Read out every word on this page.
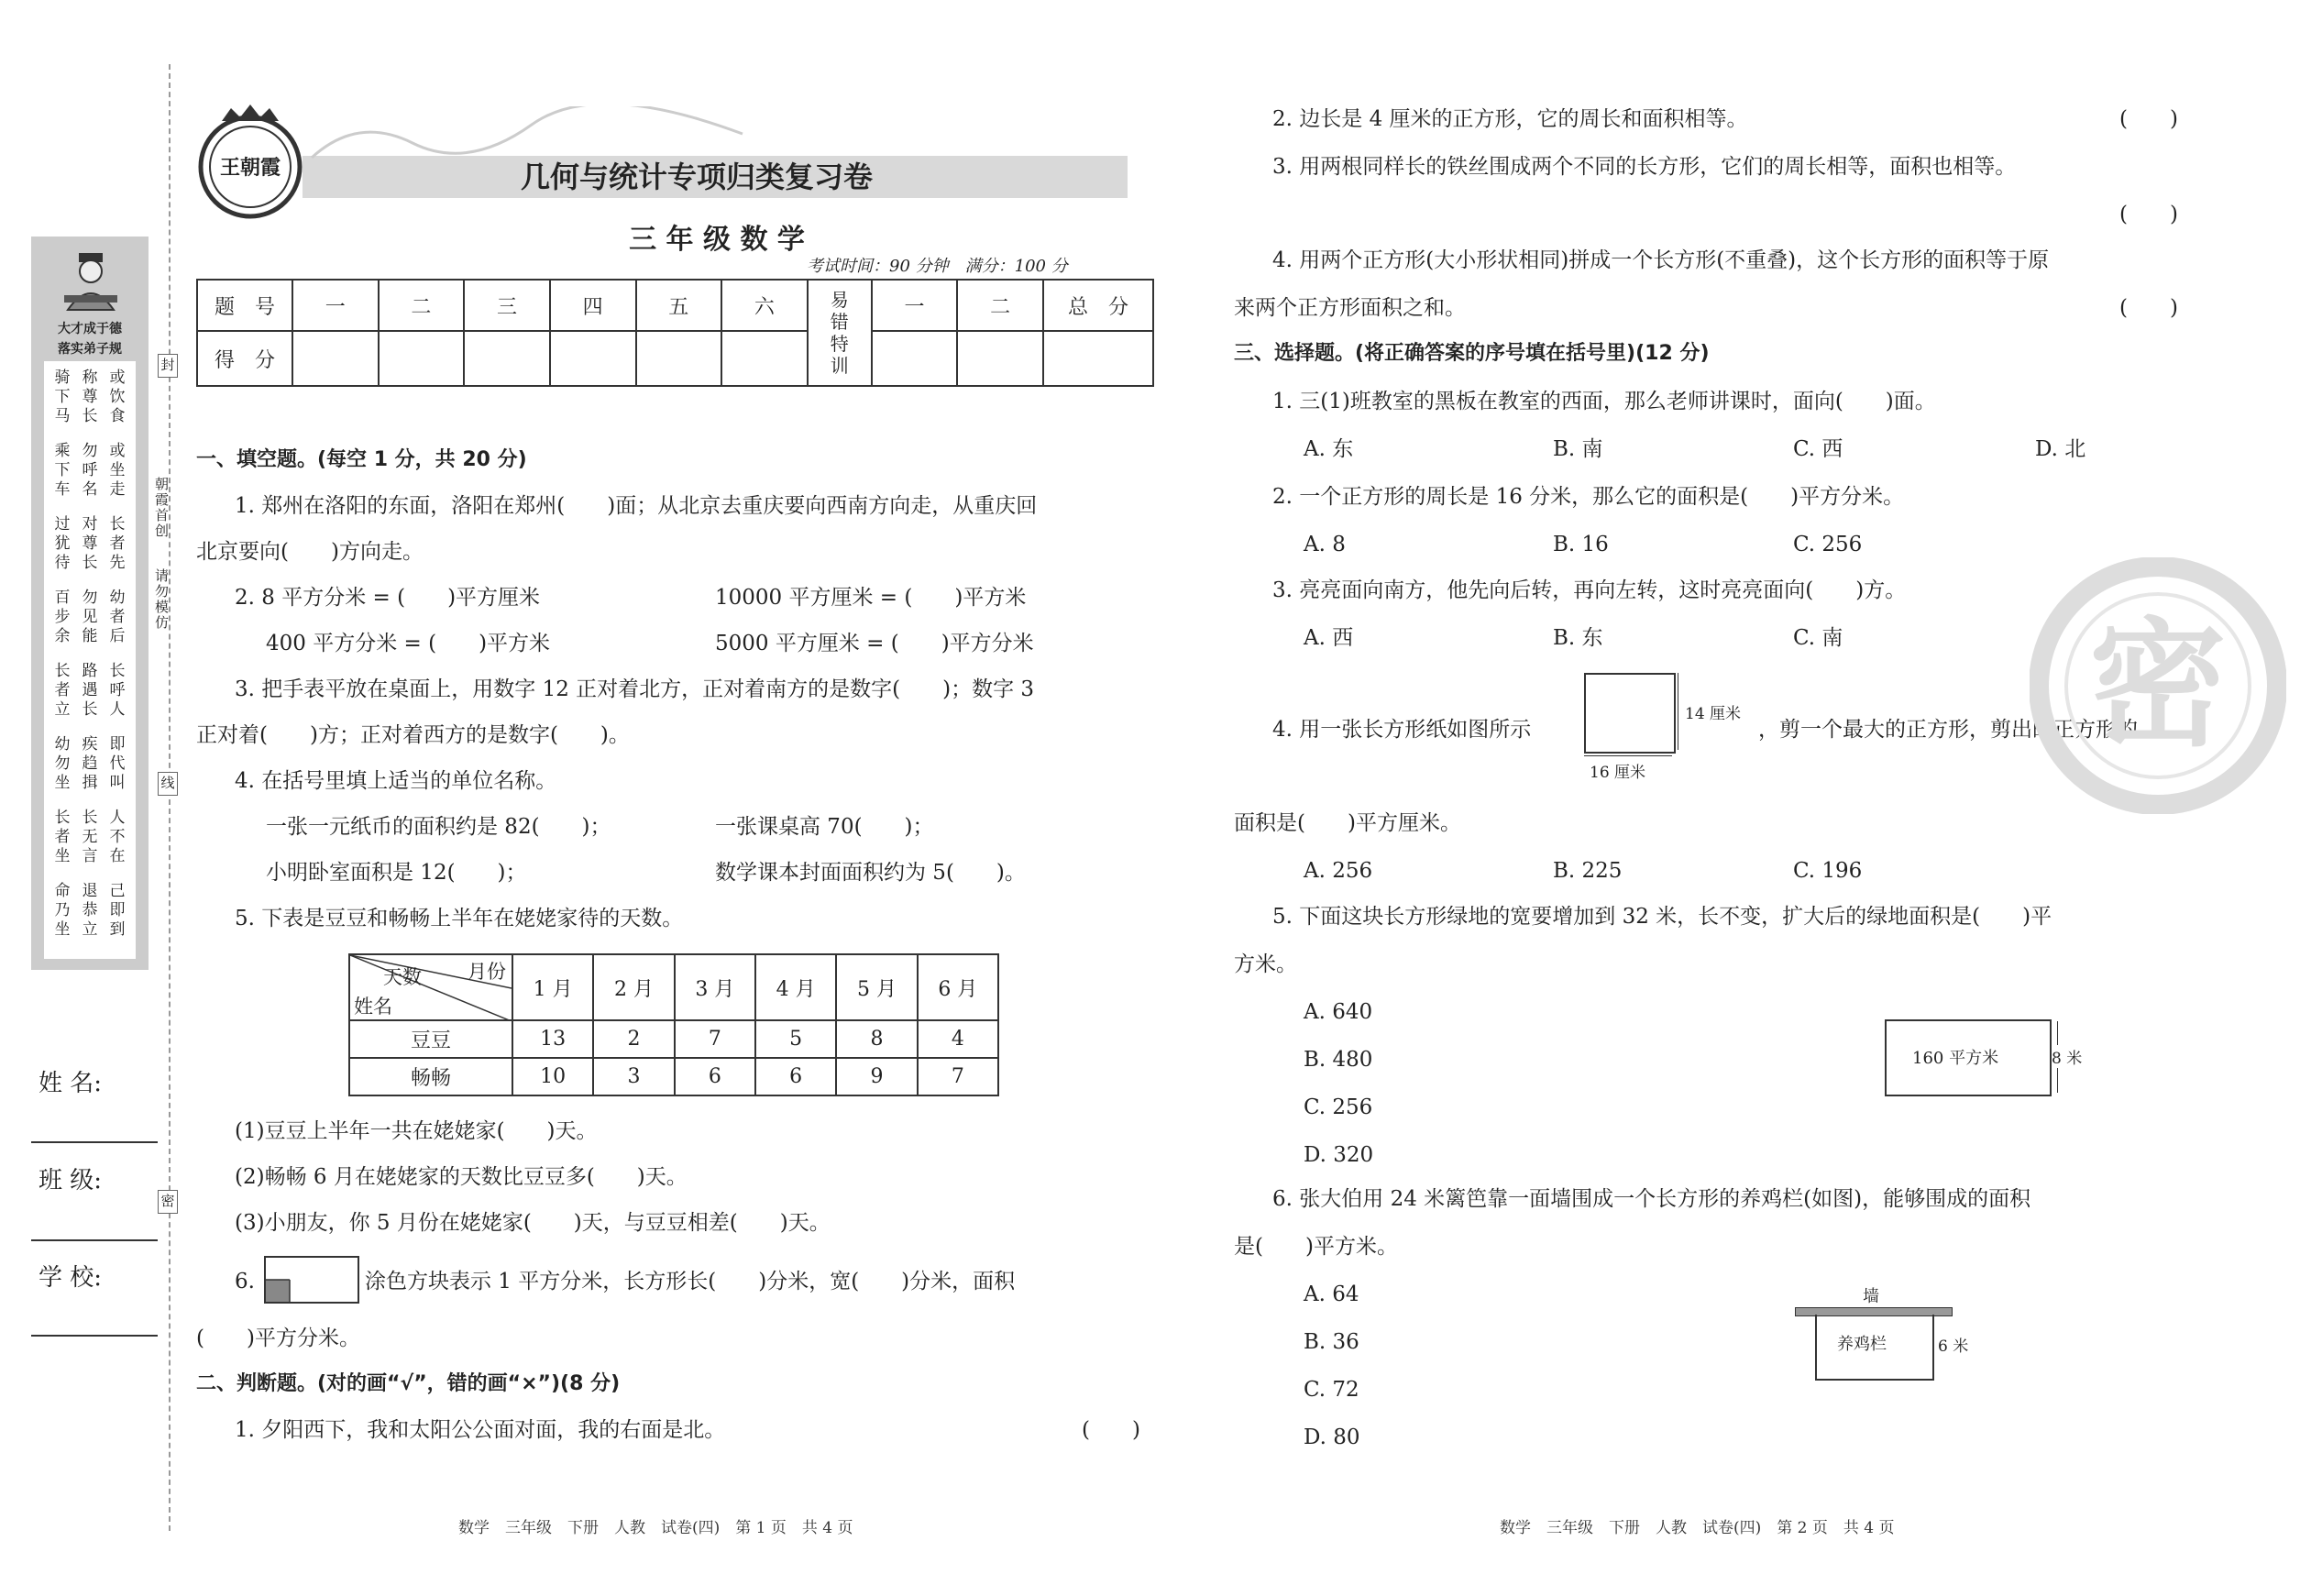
大才成于德
落实弟子规
骑下马
称尊长
或饮食
乘下车
勿呼名
或坐走
过犹待
对尊长
长者先
百步余
勿见能
幼者后
长者立
路遇长
长呼人
幼勿坐
疾趋揖
即代叫
长者坐
长无言
人不在
命乃坐
退恭立
己即到
姓 名:
班 级:
学 校:
封
线
密
朝霞首创
请勿模仿
王朝霞	几何与统计专项归类复习卷
三 年 级 数 学
考试时间：90 分钟　满分：100 分
题　号	一	二	三	四	五	六	易错特训	一	二	总　分
得　分										
一、填空题。(每空 1 分，共 20 分)
1. 郑州在洛阳的东面，洛阳在郑州(　　)面；从北京去重庆要向西南方向走，从重庆回
北京要向(　　)方向走。
2. 8 平方分米 = (　　)平方厘米	10000 平方厘米 = (　　)平方米
400 平方分米 = (　　)平方米	5000 平方厘米 = (　　)平方分米
3. 把手表平放在桌面上，用数字 12 正对着北方，正对着南方的是数字(　　)；数字 3
正对着(　　)方；正对着西方的是数字(　　)。
4. 在括号里填上适当的单位名称。
一张一元纸币的面积约是 82(　　)；	一张课桌高 70(　　)；
小明卧室面积是 12(　　)；	数学课本封面面积约为 5(　　)。
5. 下表是豆豆和畅畅上半年在姥姥家待的天数。
月份
天数
姓名	1 月	2 月	3 月	4 月	5 月	6 月
豆豆	13	2	7	5	8	4
畅畅	10	3	6	6	9	7
(1)豆豆上半年一共在姥姥家(　　)天。
(2)畅畅 6 月在姥姥家的天数比豆豆多(　　)天。
(3)小朋友，你 5 月份在姥姥家(　　)天，与豆豆相差(　　)天。
6.	涂色方块表示 1 平方分米，长方形长(　　)分米，宽(　　)分米，面积
(　　)平方分米。
二、判断题。(对的画“√”，错的画“×”)(8 分)
1. 夕阳西下，我和太阳公公面对面，我的右面是北。	(　　)
数学　三年级　下册　人教　试卷(四)　第 1 页　共 4 页
2. 边长是 4 厘米的正方形，它的周长和面积相等。	(　　)
3. 用两根同样长的铁丝围成两个不同的长方形，它们的周长相等，面积也相等。
(　　)
4. 用两个正方形(大小形状相同)拼成一个长方形(不重叠)，这个长方形的面积等于原
来两个正方形面积之和。	(　　)
三、选择题。(将正确答案的序号填在括号里)(12 分)
1. 三(1)班教室的黑板在教室的西面，那么老师讲课时，面向(　　)面。
A. 东	B. 南	C. 西	D. 北
2. 一个正方形的周长是 16 分米，那么它的面积是(　　)平方分米。
A. 8	B. 16	C. 256
3. 亮亮面向南方，他先向后转，再向左转，这时亮亮面向(　　)方。
A. 西	B. 东	C. 南
4. 用一张长方形纸如图所示
14 厘米
16 厘米
，剪一个最大的正方形，剪出的正方形的
面积是(　　)平方厘米。
A. 256	B. 225	C. 196
5. 下面这块长方形绿地的宽要增加到 32 米，长不变，扩大后的绿地面积是(　　)平
方米。
A. 640
B. 480
C. 256
D. 320
160 平方米	8 米
6. 张大伯用 24 米篱笆靠一面墙围成一个长方形的养鸡栏(如图)，能够围成的面积
是(　　)平方米。
A. 64
B. 36
C. 72
D. 80
墙
养鸡栏	6 米
数学　三年级　下册　人教　试卷(四)　第 2 页　共 4 页
密
